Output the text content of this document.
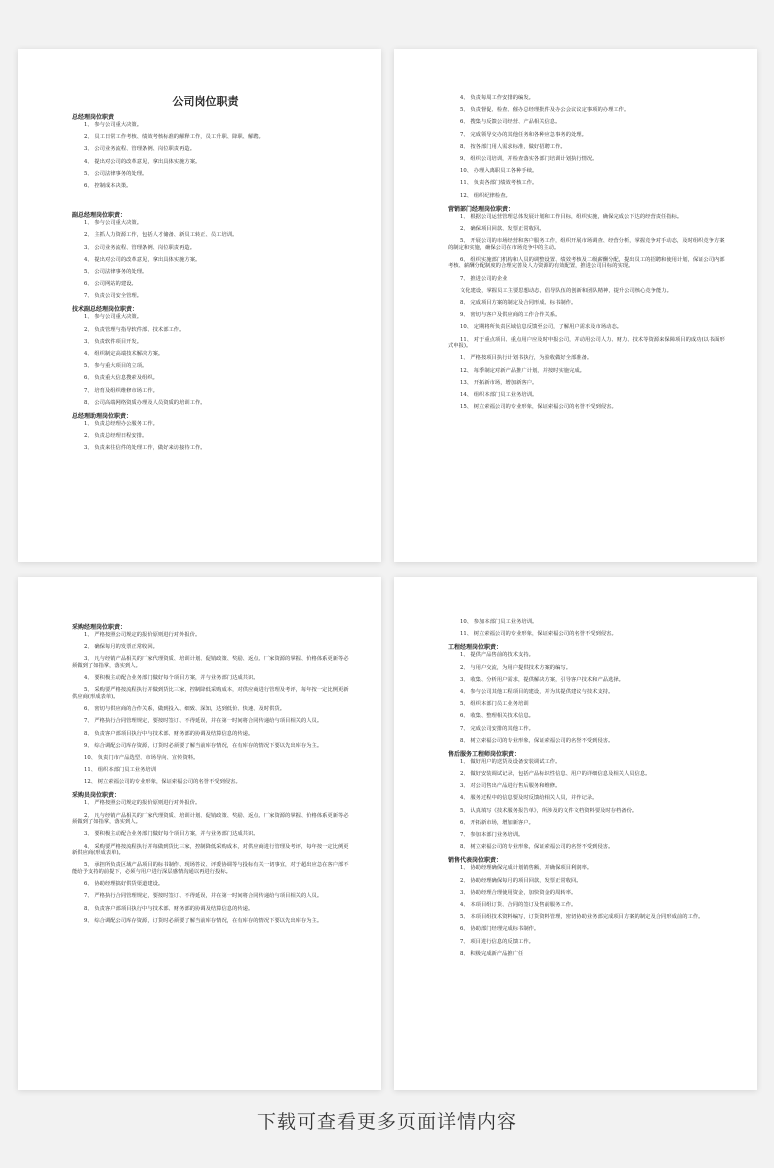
公司岗位职责
总经理岗位职责
1、 参与公司重大决策。
2、 员工日常工作考核、绩效考核标准的解释工作，员工升职、降职、解聘。
3、 公司业务流程、管理条例、岗位职责再造。
4、 提出对公司的改革意见，拿出具体实施方案。
5、 公司法律事务的处理。
6、 控制成本决策。
副总经理岗位职责：
1、 参与公司重大决策。
2、 主抓人力资源工作，包括人才储备、新员工转正、员工培训。
3、 公司业务流程、管理条例、岗位职责再造。
4、 提出对公司的改革意见，拿出具体实施方案。
5、 公司法律事务的处理。
6、 公司网站的建设。
7、 负责公司安全管理。
技术副总经理岗位职责：
1、 参与公司重大决策。
2、 负责管理与指导软件部、技术部工作。
3、 负责软件项目开发。
4、 组织制定高端技术解决方案。
5、 参与重大项目的立项。
6、 负责重大信息搜索及组织。
7、 培育及组织维修市场工作。
8、 公司高端网络资质办理及人员资质的培训工作。
总经理助理岗位职责：
1、 负责总经理办公服务工作。
2、 负责总经理日程安排。
3、 负责来往信件的处理工作，做好来访接待工作。
4、 负责每周工作安排的编发。
5、 负责督促、检查、催办总经理批件及办公会议议定事项的办理工作。
6、 搜集与反馈公司经营、产品相关信息。
7、 完成领导交办的其他任务和各种应急事务的处理。
8、 按各部门用人需求标准，做好招聘工作。
9、 组织公司培训，并检查落实各部门培训计划执行情况。
10、 办理入离职员工各种手续。
11、 负责各部门绩效考核工作。
12、 组织纪律检查。
营销部门经理岗位职责：
1、 根据公司运营管理总体发展计划和工作目标，组织实施，确保完成公下达的经营责任指标。
2、 确保项目回款、发票正常收回。
5、 开展公司的市场经营和客户服务工作，组织开展市场调查、经营分析，掌握竞争对手动态，及时组织竞争方案的制定和实施，确保公司在市场竞争中的主动。
6、 组织实施部门机构和人员的调整设置、绩效考核及二级薪酬分配，提出员工的招聘和使用计划，保证公司内部考核、薪酬分配制度的合理完善及人力资源的有效配置，推进公司目标的实现。
7、 推进公司的企业
文化建设，掌握员工主要思想动态，倡导队伍的创新和团队精神，提升公司核心竞争能力。
8、 完成项目方案的制定及合同形成、标书制作。
9、 密切与客户及供应商的工作合作关系。
10、 定期将所负责区域信息反馈至公司，了解用户需求及市场动态。
11、 对于重点项目、重点用户应及时申报公司，并动用公司人力、财力、技术等资源来保障项目的成功(以书面形式申报)。
1、 严格按项目执行计划书执行，为验收做好全部准备。
12、 每季制定对新产品推广计划，并按时实施完成。
13、 开拓新市场，增加新客户。
14、 组织本部门员工业务培训。
15、 树立索福公司的专业形象，保证索福公司的名誉不受到侵害。
采购经理岗位职责：
1、 严格按照公司规定的报价原则进行对外报价。
2、 确保每月的发票正常收回。
3、 凡与经销产品相关的厂家代理资质、培训计划、促销政策、奖励、返点、厂家资源的掌握、价格体系更新等必须做到了如指掌，落实到人。
4、 要积极主动配合业务部门做好每个项目方案，并与业务部门达成共识。
5、 采购要严格按流程执行并做到货比三家，控制降低采购成本，对供应商进行管理及考评，每年按一定比例更新供应商(形成表单)。
6、 密切与供应商的合作关系，做到投入、细致、深知，达到低价、快速、及时供货。
7、 严格执行合同管理规定，要按时签订、不得延误，并在第一时间将合同传递给与项目相关的人员。
8、 负责客户部项目执行中与技术部、财务部的协调及结算信息的传递。
9、 综合调配公司库存资源，订货时必须要了解当前库存情况，在有库存的情况下要以先出库存为主。
10、 负责门市产品选型、市场导向、宣传资料。
11、 组织本部门员工业务培训
12、 树立索福公司的专业形象，保证索福公司的名誉不受到侵害。
采购员岗位职责：
1、 严格按照公司规定的报价原则进行对外报价。
2、 凡与经销产品相关的厂家代理资质、培训计划、促销政策、奖励、返点、厂家资源的掌握、价格体系更新等必须做到了如指掌，落实到人。
3、 要积极主动配合业务部门做好每个项目方案，并与业务部门达成共识。
4、 采购要严格按流程执行并每做到货比三家，控制降低采购成本，对供应商进行管理及考评，每年按一定比例更新供应商(形成表单)。
5、 承担所负责区域产品项目的标书制作、现场答议、评委协调等与投标有关一切事宜，对于超出应急在客户部不能给予支持的前提下，必须与用户进行深层感情沟通以再进行投标。
6、 协助经理搞好供货渠道建设。
7、 严格执行合同管理规定，要按时签订、不得延误，并在第一时间将合同传递给与项目相关的人员。
8、 负责客户部项目执行中与技术部、财务部的协调及结算信息的传递。
9、 综合调配公司库存资源，订货时必须要了解当前库存情况，在有库存的情况下要以先出库存为主。
10、 参加本部门员工业务培训。
11、 树立索福公司的专业形象，保证索福公司的名誉不受到侵害。
工程经理岗位职责：
1、 提供产品售前的技术支持。
2、 与用户交流，为用户提供技术方案的编写。
3、 收集、分析用户需求，提供解决方案，引导客户技术和产品选择。
4、 参与公司其他工程项目的建设，并为其提供建议与技术支持。
5、 组织本部门员工业务培训
6、 收集、整理相关技术信息。
7、 完成公司安排的其他工作。
8、 树立索福公司的专业形象，保证索福公司的名誉不受到侵害。
售后服务工程师岗位职责：
1、 做好用户的送货及设备安装调试工作。
2、 做好安装调试记录，包括产品标识性信息、用户的详细信息及相关人员信息。
3、 对公司售出产品进行售后服务和维修。
4、 服务过程中的信息要及时反馈给相关人员，并作记录。
5、 认真填写《技术服务报告单》，所涉及的文件文档资料要及时存档备份。
6、 开拓新市场，增加新客户。
7、 参加本部门业务培训。
8、 树立索福公司的专业形象，保证索福公司的名誉不受到侵害。
销售代表岗位职责：
1、 协助经理确保完成计划销售额，并确保项目利润率。
2、 协助经理确保每月的项目回款，发票正常收回。
3、 协助经理合理使用资金，加快资金的周转率。
4、 本项目组订货、合同的签订及售前服务工作。
5、 本项目组技术资料编写，订货资料管理，密切协助业务部完成项目方案的制定及合同形成前的工作。
6、 协助部门经理完成标书制作。
7、 项目进行信息的反馈工作。
8、 积极完成新产品推广任
下载可查看更多页面详情内容
